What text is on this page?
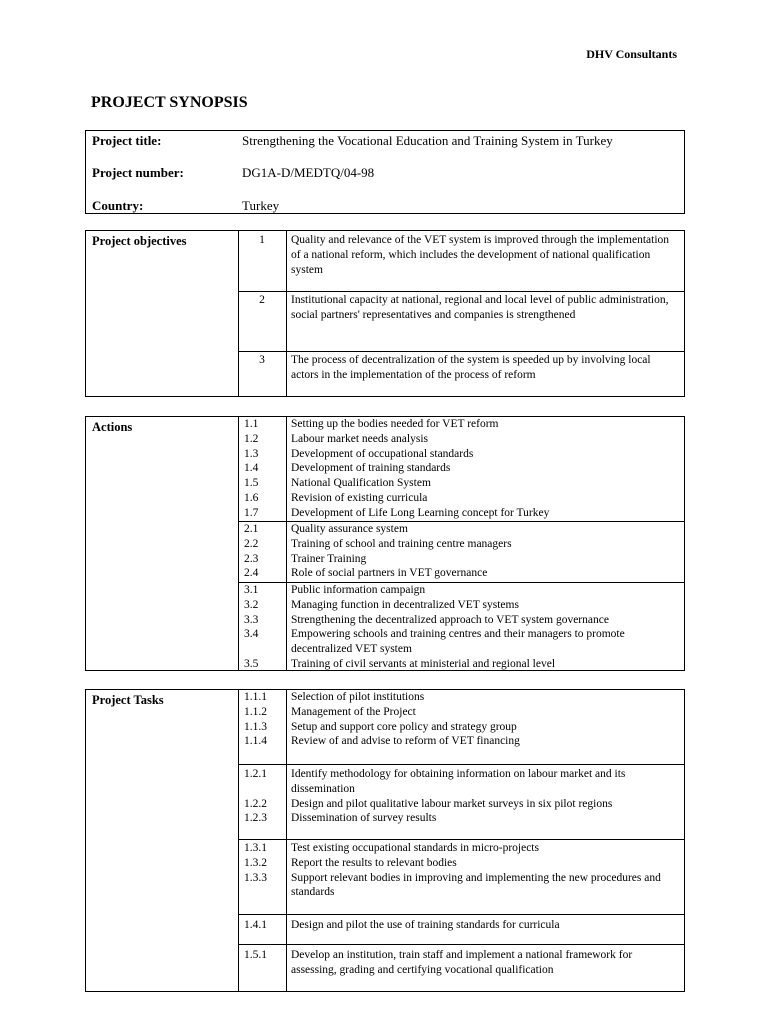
DHV Consultants
PROJECT SYNOPSIS
Project title:	Strengthening the Vocational Education and Training System in Turkey
Project number:	DG1A-D/MEDTQ/04-98
Country:	Turkey
Project objectives	1	Quality and relevance of the VET system is improved through the implementation of a national reform, which includes the development of national qualification system
2	Institutional capacity at national, regional and local level of public administration, social partners' representatives and companies is strengthened
3	The process of decentralization of the system is speeded up by involving local actors in the implementation of the process of reform
Actions	1.1	Setting up the bodies needed for VET reform
1.2	Labour market needs analysis
1.3	Development of occupational standards
1.4	Development of training standards
1.5	National Qualification System
1.6	Revision of existing curricula
1.7	Development of Life Long Learning concept for Turkey
2.1	Quality assurance system
2.2	Training of school and training centre managers
2.3	Trainer Training
2.4	Role of social partners in VET governance
3.1	Public information campaign
3.2	Managing function in decentralized VET systems
3.3	Strengthening the decentralized approach to VET system governance
3.4	Empowering schools and training centres and their managers to promote decentralized VET system
3.5	Training of civil servants at ministerial and regional level
Project Tasks	1.1.1	Selection of pilot institutions
1.1.2	Management of the Project
1.1.3	Setup and support core policy and strategy group
1.1.4	Review of and advise to reform of VET financing
1.2.1	Identify methodology for obtaining information on labour market and its dissemination
1.2.2	Design and pilot qualitative labour market surveys in six pilot regions
1.2.3	Dissemination of survey results
1.3.1	Test existing occupational standards in micro-projects
1.3.2	Report the results to relevant bodies
1.3.3	Support relevant bodies in improving and implementing the new procedures and standards
1.4.1	Design and pilot the use of training standards for curricula
1.5.1	Develop an institution, train staff and implement a national framework for assessing, grading and certifying vocational qualification
